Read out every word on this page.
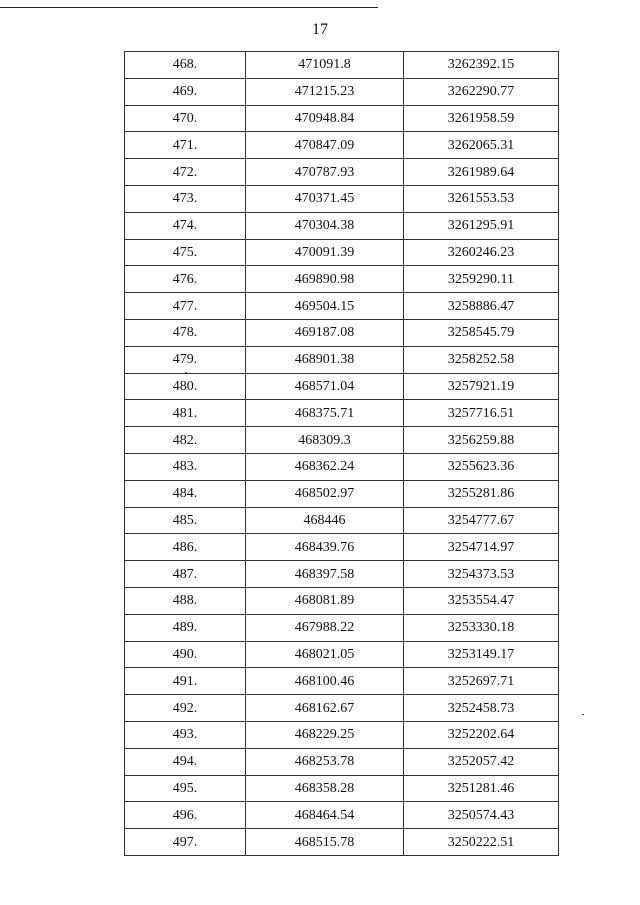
17
468.	471091.8	3262392.15
469.	471215.23	3262290.77
470.	470948.84	3261958.59
471.	470847.09	3262065.31
472.	470787.93	3261989.64
473.	470371.45	3261553.53
474.	470304.38	3261295.91
475.	470091.39	3260246.23
476.	469890.98	3259290.11
477.	469504.15	3258886.47
478.	469187.08	3258545.79
479.	468901.38	3258252.58
480.	468571.04	3257921.19
481.	468375.71	3257716.51
482.	468309.3	3256259.88
483.	468362.24	3255623.36
484.	468502.97	3255281.86
485.	468446	3254777.67
486.	468439.76	3254714.97
487.	468397.58	3254373.53
488.	468081.89	3253554.47
489.	467988.22	3253330.18
490.	468021.05	3253149.17
491.	468100.46	3252697.71
492.	468162.67	3252458.73
493.	468229.25	3252202.64
494.	468253.78	3252057.42
495.	468358.28	3251281.46
496.	468464.54	3250574.43
497.	468515.78	3250222.51
